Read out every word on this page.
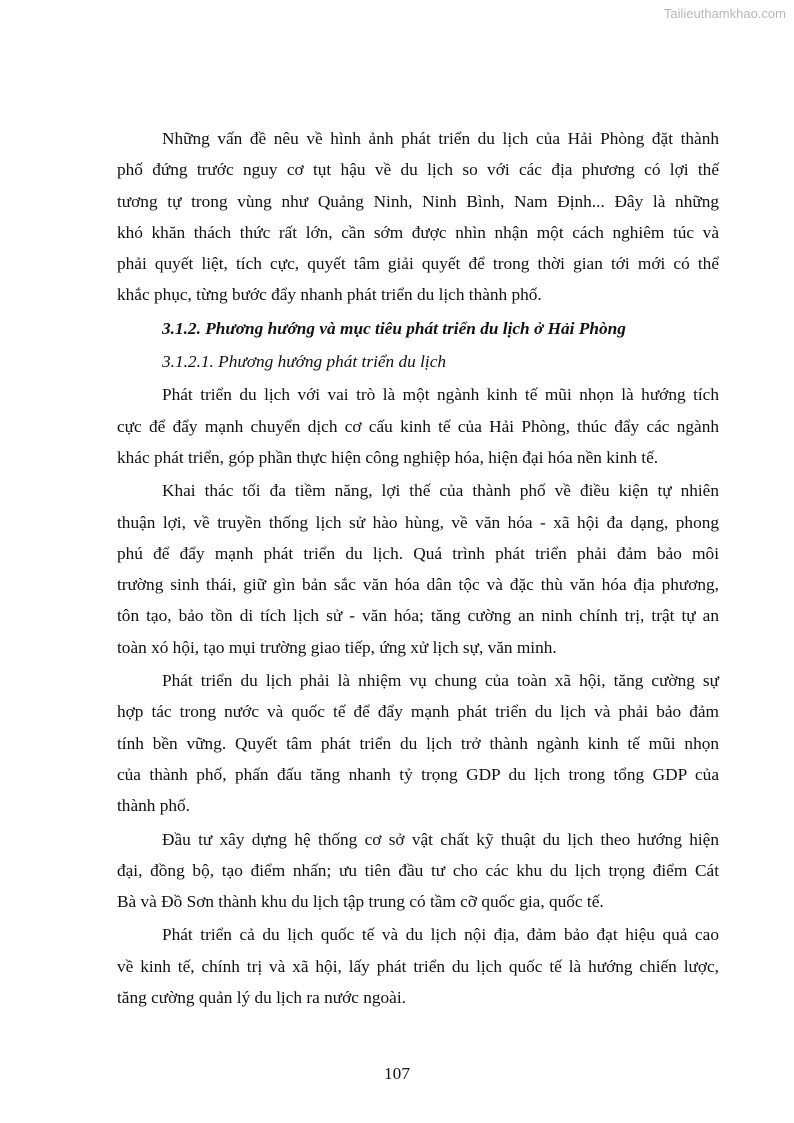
Tailieuthamkhao.com
Những vấn đề nêu về hình ảnh phát triển du lịch của Hải Phòng đặt thành
phố đứng trước nguy cơ tụt hậu về du lịch so với các địa phương có lợi thế
tương tự trong vùng như Quảng Ninh, Ninh Bình, Nam Định... Đây là những
khó khăn thách thức rất lớn, cần sớm được nhìn nhận một cách nghiêm túc và
phải quyết liệt, tích cực, quyết tâm giải quyết để trong thời gian tới mới có thể
khắc phục, từng bước đẩy nhanh phát triển du lịch thành phố.
3.1.2. Phương hướng và mục tiêu phát triển du lịch ở Hải Phòng
3.1.2.1. Phương hướng phát triển du lịch
Phát triển du lịch với vai trò là một ngành kinh tế mũi nhọn là hướng tích
cực để đẩy mạnh chuyển dịch cơ cấu kinh tế của Hải Phòng, thúc đẩy các ngành
khác phát triển, góp phần thực hiện công nghiệp hóa, hiện đại hóa nền kinh tế.
Khai thác tối đa tiềm năng, lợi thế của thành phố về điều kiện tự nhiên
thuận lợi, về truyền thống lịch sử hào hùng, về văn hóa - xã hội đa dạng, phong
phú để đẩy mạnh phát triển du lịch. Quá trình phát triển phải đảm bảo môi
trường sinh thái, giữ gìn bản sắc văn hóa dân tộc và đặc thù văn hóa địa phương,
tôn tạo, bảo tồn di tích lịch sử - văn hóa; tăng cường an ninh chính trị, trật tự an
toàn xó hội, tạo mụi trường giao tiếp, ứng xử lịch sự, văn minh.
Phát triển du lịch phải là nhiệm vụ chung của toàn xã hội, tăng cường sự
hợp tác trong nước và quốc tế để đẩy mạnh phát triển du lịch và phải bảo đảm
tính bền vững. Quyết tâm phát triển du lịch trở thành ngành kinh tế mũi nhọn
của thành phố, phấn đấu tăng nhanh tỷ trọng GDP du lịch trong tổng GDP của
thành phố.
Đầu tư xây dựng hệ thống cơ sở vật chất kỹ thuật du lịch theo hướng hiện
đại, đồng bộ, tạo điểm nhấn; ưu tiên đầu tư cho các khu du lịch trọng điểm Cát
Bà và Đồ Sơn thành khu du lịch tập trung có tầm cỡ quốc gia, quốc tế.
Phát triển cả du lịch quốc tế và du lịch nội địa, đảm bảo đạt hiệu quả cao
về kinh tế, chính trị và xã hội, lấy phát triển du lịch quốc tế là hướng chiến lược,
tăng cường quản lý du lịch ra nước ngoài.
107
